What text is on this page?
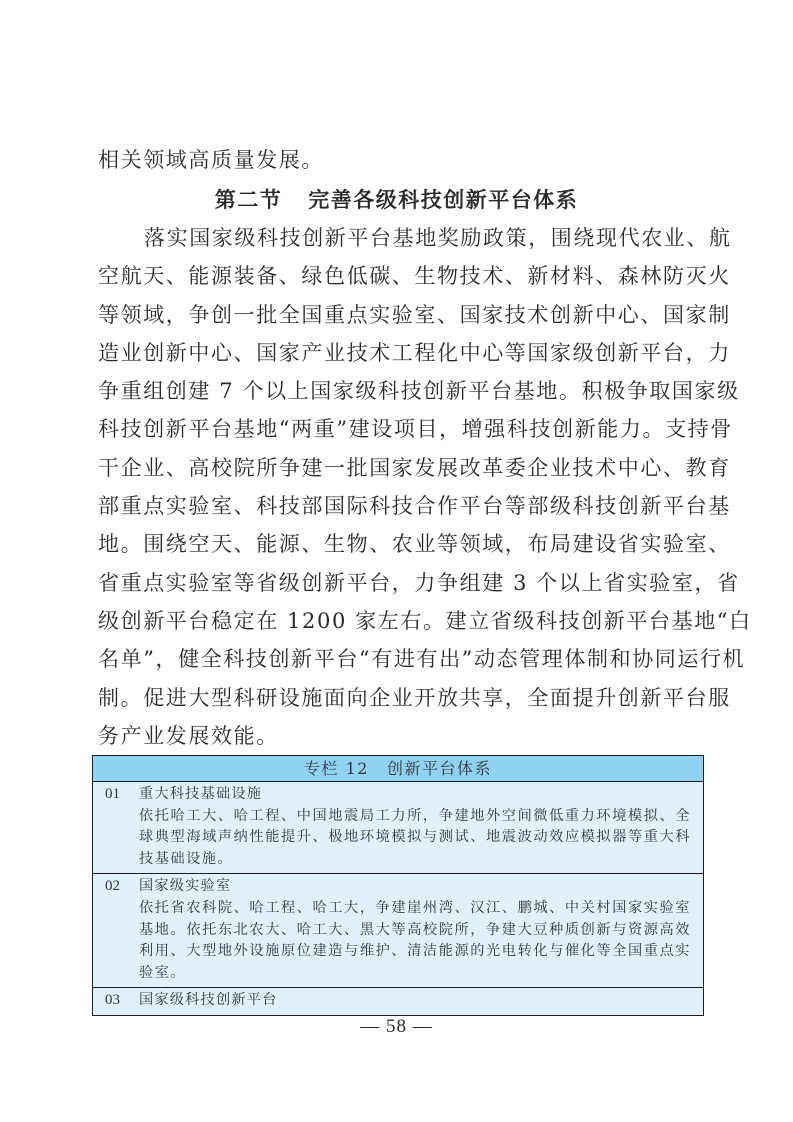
相关领域高质量发展。
第二节 完善各级科技创新平台体系
落实国家级科技创新平台基地奖励政策，围绕现代农业、航
空航天、能源装备、绿色低碳、生物技术、新材料、森林防灭火
等领域，争创一批全国重点实验室、国家技术创新中心、国家制
造业创新中心、国家产业技术工程化中心等国家级创新平台，力
争重组创建 7 个以上国家级科技创新平台基地。积极争取国家级
科技创新平台基地“两重”建设项目，增强科技创新能力。支持骨
干企业、高校院所争建一批国家发展改革委企业技术中心、教育
部重点实验室、科技部国际科技合作平台等部级科技创新平台基
地。围绕空天、能源、生物、农业等领域，布局建设省实验室、
省重点实验室等省级创新平台，力争组建 3 个以上省实验室，省
级创新平台稳定在 1200 家左右。建立省级科技创新平台基地“白
名单”，健全科技创新平台“有进有出”动态管理体制和协同运行机
制。促进大型科研设施面向企业开放共享，全面提升创新平台服
务产业发展效能。
专栏 12 创新平台体系
01 重大科技基础设施
依托哈工大、哈工程、中国地震局工力所，争建地外空间微低重力环境模拟、全
球典型海域声纳性能提升、极地环境模拟与测试、地震波动效应模拟器等重大科
技基础设施。
02 国家级实验室
依托省农科院、哈工程、哈工大，争建崖州湾、汉江、鹏城、中关村国家实验室
基地。依托东北农大、哈工大、黑大等高校院所，争建大豆种质创新与资源高效
利用、大型地外设施原位建造与维护、清洁能源的光电转化与催化等全国重点实
验室。
03 国家级科技创新平台
— 58 —
